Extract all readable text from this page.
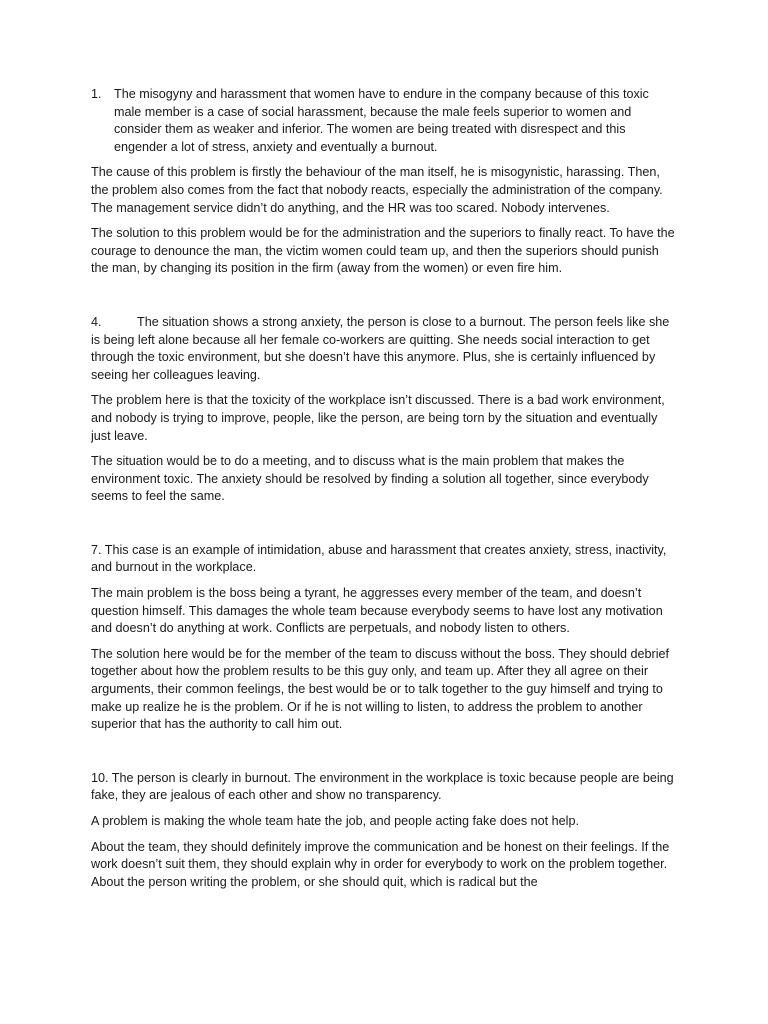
1. The misogyny and harassment that women have to endure in the company because of this toxic male member is a case of social harassment, because the male feels superior to women and consider them as weaker and inferior. The women are being treated with disrespect and this engender a lot of stress, anxiety and eventually a burnout.

The cause of this problem is firstly the behaviour of the man itself, he is misogynistic, harassing. Then, the problem also comes from the fact that nobody reacts, especially the administration of the company. The management service didn’t do anything, and the HR was too scared. Nobody intervenes.

The solution to this problem would be for the administration and the superiors to finally react. To have the courage to denounce the man, the victim women could team up, and then the superiors should punish the man, by changing its position in the firm (away from the women) or even fire him.

4.	The situation shows a strong anxiety, the person is close to a burnout. The person feels like she is being left alone because all her female co-workers are quitting. She needs social interaction to get through the toxic environment, but she doesn’t have this anymore. Plus, she is certainly influenced by seeing her colleagues leaving.

The problem here is that the toxicity of the workplace isn’t discussed. There is a bad work environment, and nobody is trying to improve, people, like the person, are being torn by the situation and eventually just leave.

The situation would be to do a meeting, and to discuss what is the main problem that makes the environment toxic. The anxiety should be resolved by finding a solution all together, since everybody seems to feel the same.

7. This case is an example of intimidation, abuse and harassment that creates anxiety, stress, inactivity, and burnout in the workplace.

The main problem is the boss being a tyrant, he aggresses every member of the team, and doesn’t question himself. This damages the whole team because everybody seems to have lost any motivation and doesn’t do anything at work. Conflicts are perpetuals, and nobody listen to others.

The solution here would be for the member of the team to discuss without the boss. They should debrief together about how the problem results to be this guy only, and team up. After they all agree on their arguments, their common feelings, the best would be or to talk together to the guy himself and trying to make up realize he is the problem. Or if he is not willing to listen, to address the problem to another superior that has the authority to call him out.

10. The person is clearly in burnout. The environment in the workplace is toxic because people are being fake, they are jealous of each other and show no transparency.

A problem is making the whole team hate the job, and people acting fake does not help.

About the team, they should definitely improve the communication and be honest on their feelings. If the work doesn’t suit them, they should explain why in order for everybody to work on the problem together. About the person writing the problem, or she should quit, which is radical but the
